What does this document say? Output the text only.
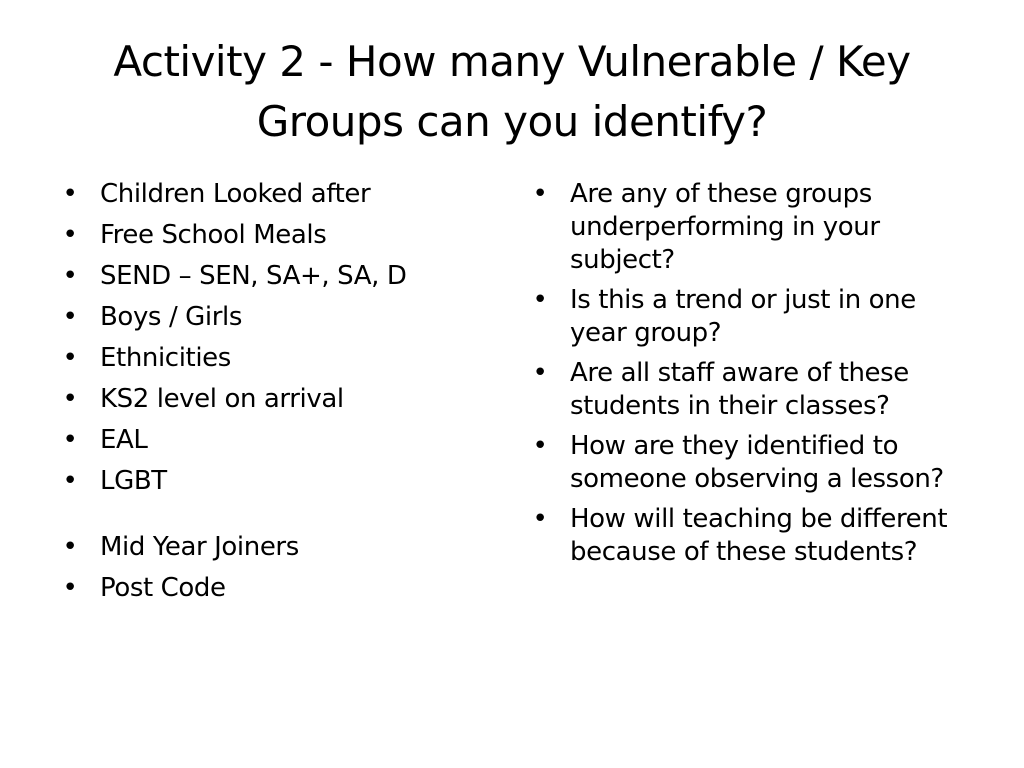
Activity 2 - How many Vulnerable / Key Groups can you identify?
• Children Looked after
• Free School Meals
• SEND – SEN, SA+, SA, D
• Boys / Girls
• Ethnicities
• KS2 level on arrival
• EAL
• LGBT
• Mid Year Joiners
• Post Code
• Are any of these groups underperforming in your subject?
• Is this a trend or just in one year group?
• Are all staff aware of these students in their classes?
• How are they identified to someone observing a lesson?
• How will teaching be different because of these students?
